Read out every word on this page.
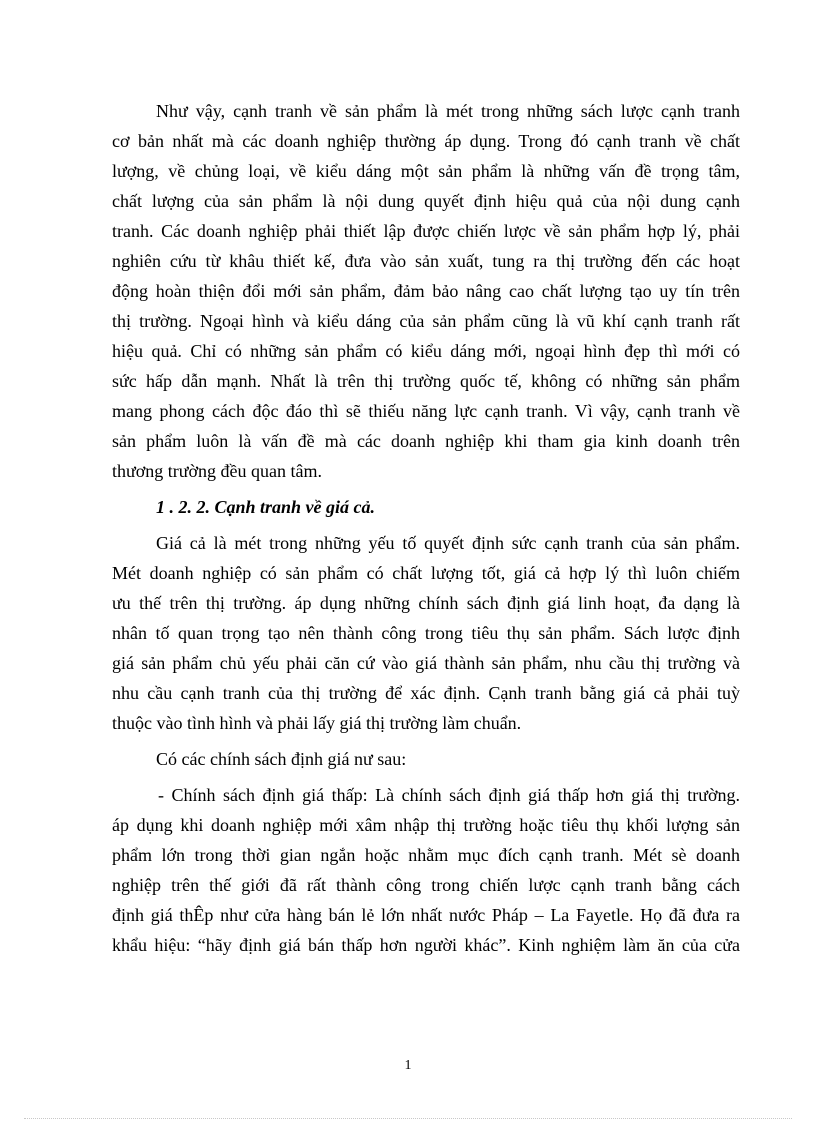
Như vậy, cạnh tranh về sản phẩm là mét trong những sách lược cạnh tranh
cơ bản nhất mà các doanh nghiệp thường áp dụng. Trong đó cạnh tranh về chất
lượng, về chủng loại, về kiểu dáng một sản phẩm là những vấn đề trọng tâm,
chất lượng của sản phẩm là nội dung quyết định hiệu quả của nội dung cạnh
tranh. Các doanh nghiệp phải thiết lập được chiến lược về sản phẩm hợp lý, phải
nghiên cứu từ khâu thiết kế, đưa vào sản xuất, tung ra thị trường đến các hoạt
động hoàn thiện đổi mới sản phẩm, đảm bảo nâng cao chất lượng tạo uy tín trên
thị trường. Ngoại hình và kiểu dáng của sản phẩm cũng là vũ khí cạnh tranh rất
hiệu quả. Chỉ có những sản phẩm có kiểu dáng mới, ngoại hình đẹp thì mới có
sức hấp dẫn mạnh. Nhất là trên thị trường quốc tế, không có những sản phẩm
mang phong cách độc đáo thì sẽ thiếu năng lực cạnh tranh. Vì vậy, cạnh tranh về
sản phẩm luôn là vấn đề mà các doanh nghiệp khi tham gia kinh doanh trên
thương trường đều quan tâm.
1 . 2. 2. Cạnh tranh về giá cả.
Giá cả là mét trong những yếu tố quyết định sức cạnh tranh của sản phẩm.
Mét doanh nghiệp có sản phẩm có chất lượng tốt, giá cả hợp lý thì luôn chiếm
ưu thế trên thị trường. áp dụng những chính sách định giá linh hoạt, đa dạng là
nhân tố quan trọng tạo nên thành công trong tiêu thụ sản phẩm. Sách lược định
giá sản phẩm chủ yếu phải căn cứ vào giá thành sản phẩm, nhu cầu thị trường và
nhu cầu cạnh tranh của thị trường để xác định. Cạnh tranh bằng giá cả phải tuỳ
thuộc vào tình hình và phải lấy giá thị trường làm chuẩn.
Có các chính sách định giá nư sau:
- Chính sách định giá thấp: Là chính sách định giá thấp hơn giá thị trường.
áp dụng khi doanh nghiệp mới xâm nhập thị trường hoặc tiêu thụ khối lượng sản
phẩm lớn trong thời gian ngắn hoặc nhằm mục đích cạnh tranh. Mét sè doanh
nghiệp trên thế giới đã rất thành công trong chiến lược cạnh tranh bằng cách
định giá thÊp như cửa hàng bán lẻ lớn nhất nước Pháp – La Fayetle. Họ đã đưa ra
khẩu hiệu: “hãy định giá bán thấp hơn người khác”. Kinh nghiệm làm ăn của cửa
1
